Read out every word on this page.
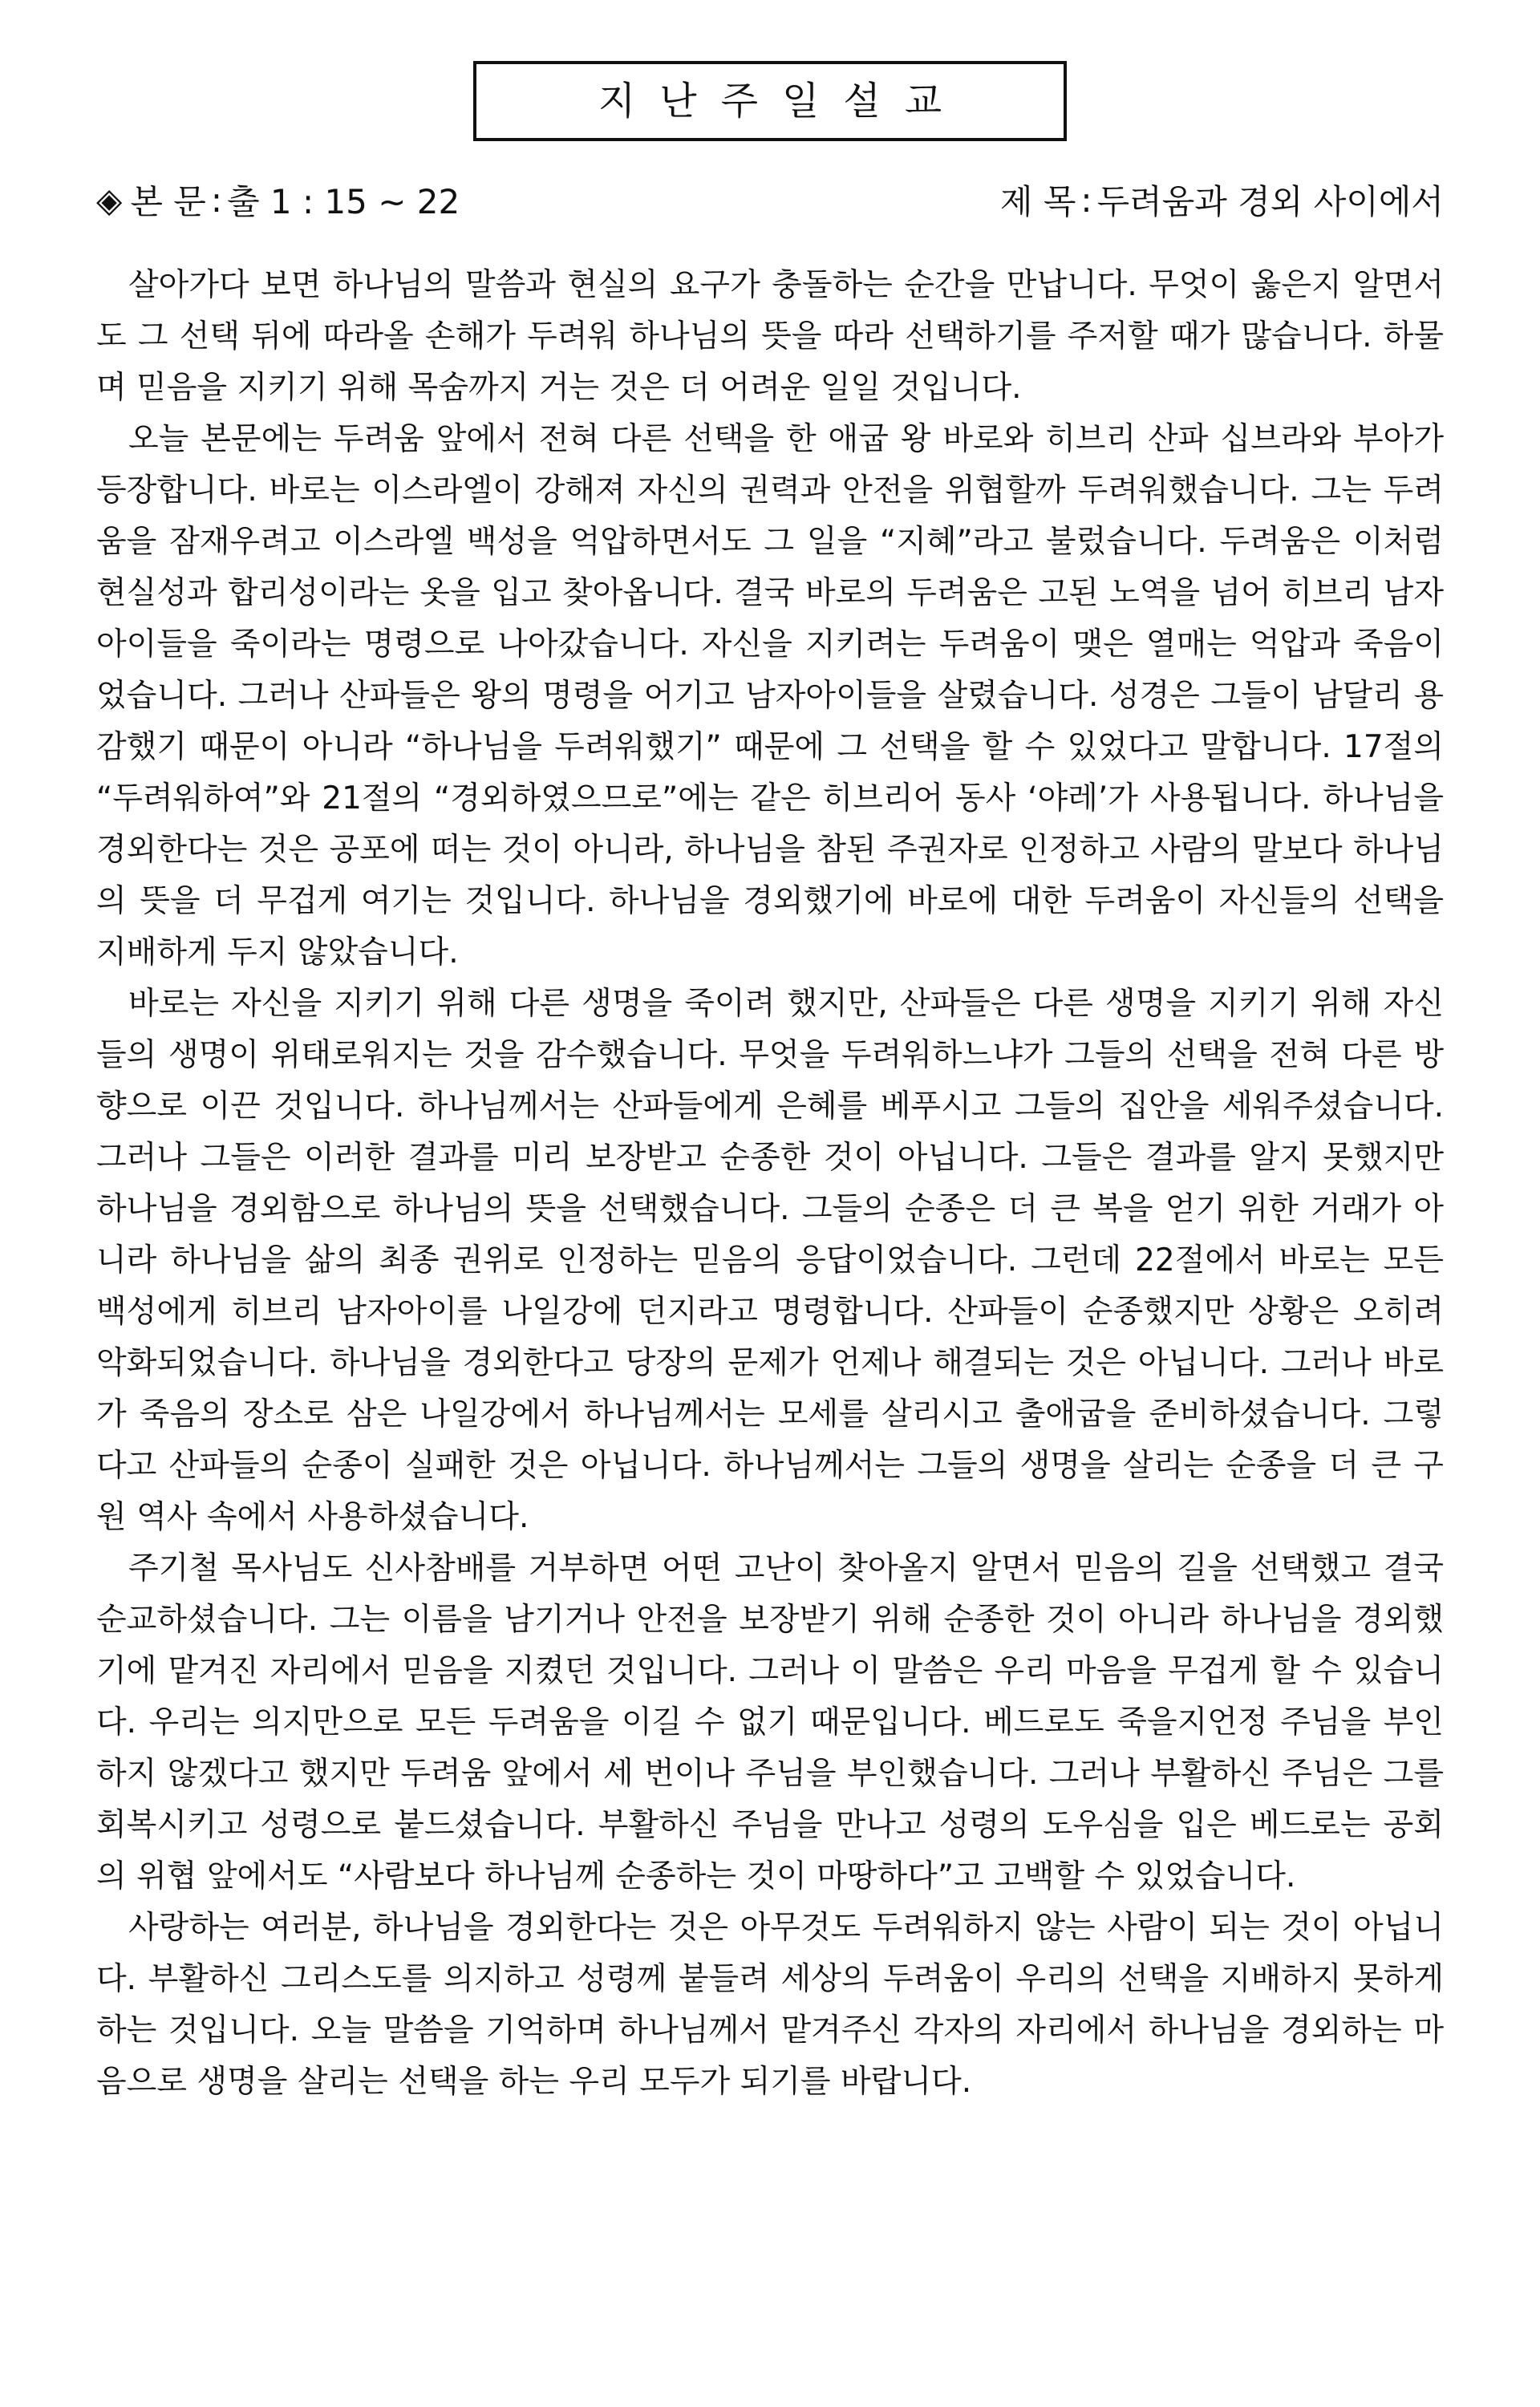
지난주일설교
◈ 본 문 : 출 1 : 15 ~ 22	제 목 : 두려움과 경외 사이에서

살아가다 보면 하나님의 말씀과 현실의 요구가 충돌하는 순간을 만납니다. 무엇이 옳은지 알면서도 그 선택 뒤에 따라올 손해가 두려워 하나님의 뜻을 따라 선택하기를 주저할 때가 많습니다. 하물며 믿음을 지키기 위해 목숨까지 거는 것은 더 어려운 일일 것입니다.

오늘 본문에는 두려움 앞에서 전혀 다른 선택을 한 애굽 왕 바로와 히브리 산파 십브라와 부아가 등장합니다. 바로는 이스라엘이 강해져 자신의 권력과 안전을 위협할까 두려워했습니다. 그는 두려움을 잠재우려고 이스라엘 백성을 억압하면서도 그 일을 “지혜”라고 불렀습니다. 두려움은 이처럼 현실성과 합리성이라는 옷을 입고 찾아옵니다. 결국 바로의 두려움은 고된 노역을 넘어 히브리 남자아이들을 죽이라는 명령으로 나아갔습니다. 자신을 지키려는 두려움이 맺은 열매는 억압과 죽음이었습니다. 그러나 산파들은 왕의 명령을 어기고 남자아이들을 살렸습니다. 성경은 그들이 남달리 용감했기 때문이 아니라 “하나님을 두려워했기” 때문에 그 선택을 할 수 있었다고 말합니다. 17절의 “두려워하여”와 21절의 “경외하였으므로”에는 같은 히브리어 동사 ‘야레’가 사용됩니다. 하나님을 경외한다는 것은 공포에 떠는 것이 아니라, 하나님을 참된 주권자로 인정하고 사람의 말보다 하나님의 뜻을 더 무겁게 여기는 것입니다. 하나님을 경외했기에 바로에 대한 두려움이 자신들의 선택을 지배하게 두지 않았습니다.

바로는 자신을 지키기 위해 다른 생명을 죽이려 했지만, 산파들은 다른 생명을 지키기 위해 자신들의 생명이 위태로워지는 것을 감수했습니다. 무엇을 두려워하느냐가 그들의 선택을 전혀 다른 방향으로 이끈 것입니다. 하나님께서는 산파들에게 은혜를 베푸시고 그들의 집안을 세워주셨습니다. 그러나 그들은 이러한 결과를 미리 보장받고 순종한 것이 아닙니다. 그들은 결과를 알지 못했지만 하나님을 경외함으로 하나님의 뜻을 선택했습니다. 그들의 순종은 더 큰 복을 얻기 위한 거래가 아니라 하나님을 삶의 최종 권위로 인정하는 믿음의 응답이었습니다. 그런데 22절에서 바로는 모든 백성에게 히브리 남자아이를 나일강에 던지라고 명령합니다. 산파들이 순종했지만 상황은 오히려 악화되었습니다. 하나님을 경외한다고 당장의 문제가 언제나 해결되는 것은 아닙니다. 그러나 바로가 죽음의 장소로 삼은 나일강에서 하나님께서는 모세를 살리시고 출애굽을 준비하셨습니다. 그렇다고 산파들의 순종이 실패한 것은 아닙니다. 하나님께서는 그들의 생명을 살리는 순종을 더 큰 구원 역사 속에서 사용하셨습니다.

주기철 목사님도 신사참배를 거부하면 어떤 고난이 찾아올지 알면서 믿음의 길을 선택했고 결국 순교하셨습니다. 그는 이름을 남기거나 안전을 보장받기 위해 순종한 것이 아니라 하나님을 경외했기에 맡겨진 자리에서 믿음을 지켰던 것입니다. 그러나 이 말씀은 우리 마음을 무겁게 할 수 있습니다. 우리는 의지만으로 모든 두려움을 이길 수 없기 때문입니다. 베드로도 죽을지언정 주님을 부인하지 않겠다고 했지만 두려움 앞에서 세 번이나 주님을 부인했습니다. 그러나 부활하신 주님은 그를 회복시키고 성령으로 붙드셨습니다. 부활하신 주님을 만나고 성령의 도우심을 입은 베드로는 공회의 위협 앞에서도 “사람보다 하나님께 순종하는 것이 마땅하다”고 고백할 수 있었습니다.

사랑하는 여러분, 하나님을 경외한다는 것은 아무것도 두려워하지 않는 사람이 되는 것이 아닙니다. 부활하신 그리스도를 의지하고 성령께 붙들려 세상의 두려움이 우리의 선택을 지배하지 못하게 하는 것입니다. 오늘 말씀을 기억하며 하나님께서 맡겨주신 각자의 자리에서 하나님을 경외하는 마음으로 생명을 살리는 선택을 하는 우리 모두가 되기를 바랍니다.
